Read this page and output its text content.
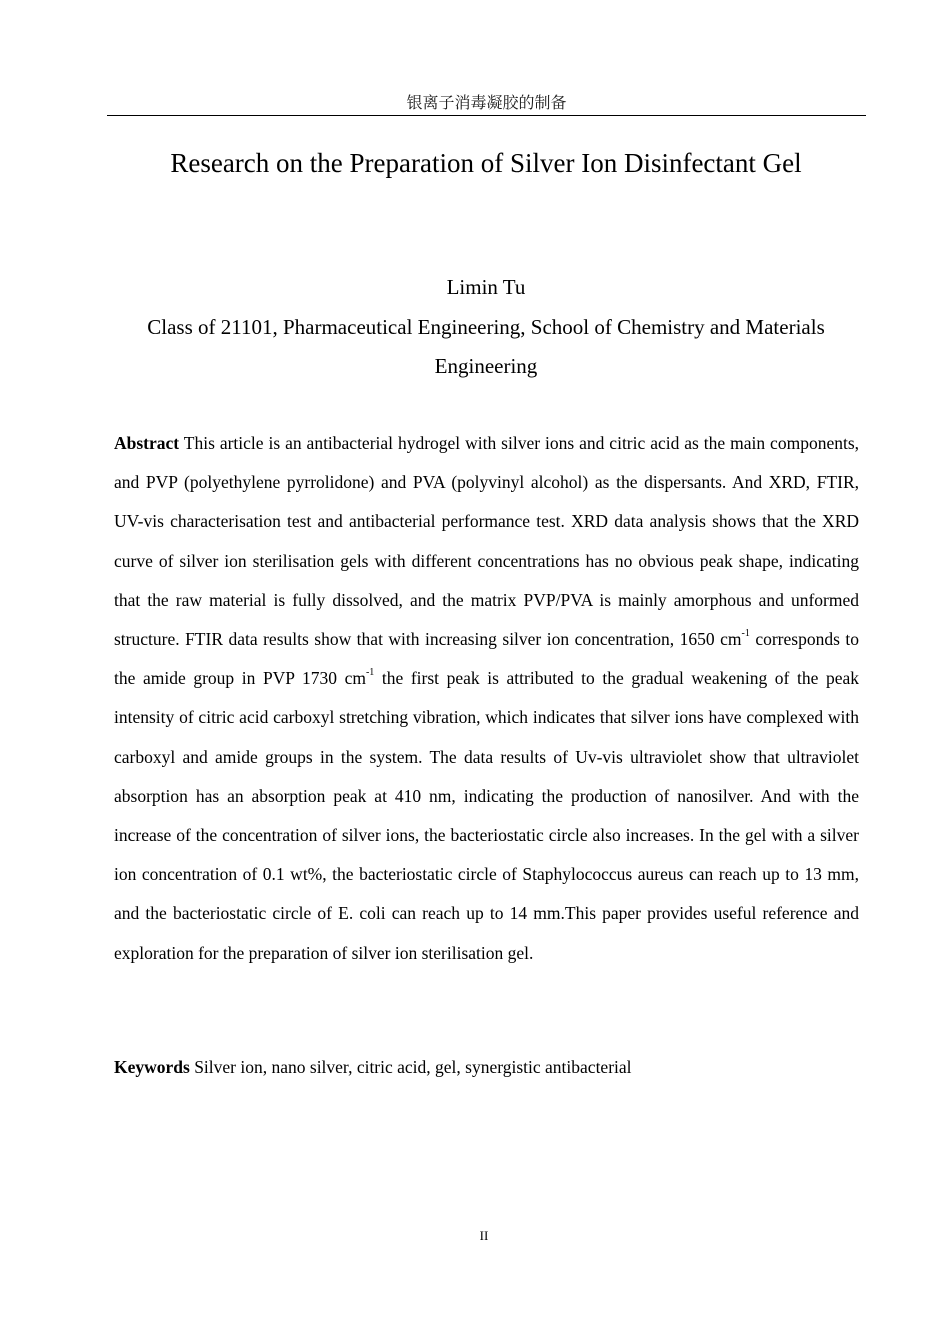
银离子消毒凝胶的制备
Research on the Preparation of Silver Ion Disinfectant Gel
Limin Tu
Class of 21101, Pharmaceutical Engineering, School of Chemistry and Materials
Engineering

Abstract This article is an antibacterial hydrogel with silver ions and citric acid as the main components, and PVP (polyethylene pyrrolidone) and PVA (polyvinyl alcohol) as the dispersants. And XRD, FTIR, UV-vis characterisation test and antibacterial performance test. XRD data analysis shows that the XRD curve of silver ion sterilisation gels with different concentrations has no obvious peak shape, indicating that the raw material is fully dissolved, and the matrix PVP/PVA is mainly amorphous and unformed structure. FTIR data results show that with increasing silver ion concentration, 1650 $cm^{-1}$ corresponds to the amide group in PVP 1730 $cm^{-1}$ the first peak is attributed to the gradual weakening of the peak intensity of citric acid carboxyl stretching vibration, which indicates that silver ions have complexed with carboxyl and amide groups in the system. The data results of Uv-vis ultraviolet show that ultraviolet absorption has an absorption peak at 410 nm, indicating the production of nanosilver. And with the increase of the concentration of silver ions, the bacteriostatic circle also increases. In the gel with a silver ion concentration of 0.1 wt%, the bacteriostatic circle of Staphylococcus aureus can reach up to 13 mm, and the bacteriostatic circle of E. coli can reach up to 14 mm.This paper provides useful reference and exploration for the preparation of silver ion sterilisation gel.

Keywords Silver ion, nano silver, citric acid, gel, synergistic antibacterial

II
